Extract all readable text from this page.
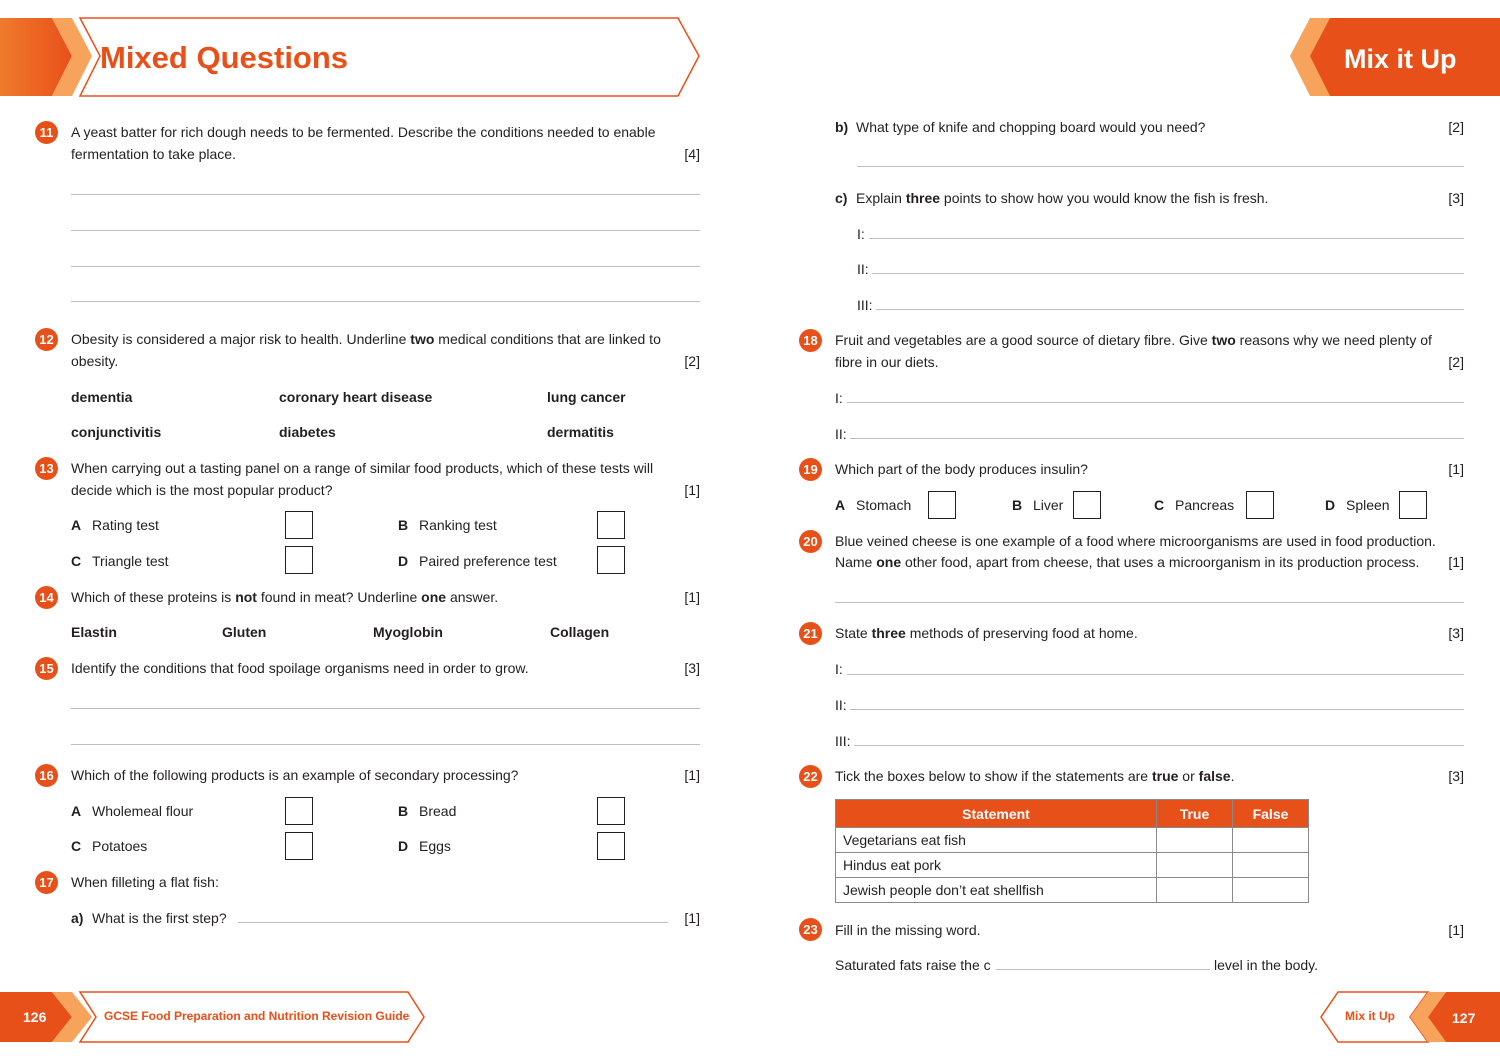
Mixed Questions	Mix it Up
11	A yeast batter for rich dough needs to be fermented. Describe the conditions needed to enable
fermentation to take place.	[4]
12	Obesity is considered a major risk to health. Underline two medical conditions that are linked to
obesity.	[2]
dementia	coronary heart disease	lung cancer
conjunctivitis	diabetes	dermatitis
13	When carrying out a tasting panel on a range of similar food products, which of these tests will
decide which is the most popular product?	[1]
A Rating test	B Ranking test
C Triangle test	D Paired preference test
14	Which of these proteins is not found in meat? Underline one answer.	[1]
Elastin	Gluten	Myoglobin	Collagen
15	Identify the conditions that food spoilage organisms need in order to grow.	[3]
16	Which of the following products is an example of secondary processing?	[1]
A Wholemeal flour	B Bread
C Potatoes	D Eggs
17	When filleting a flat fish:
a) What is the first step?	[1]
b) What type of knife and chopping board would you need?	[2]
c) Explain three points to show how you would know the fish is fresh.	[3]
I:
II:
III:
18	Fruit and vegetables are a good source of dietary fibre. Give two reasons why we need plenty of
fibre in our diets.	[2]
I:
II:
19	Which part of the body produces insulin?	[1]
A Stomach	B Liver	C Pancreas	D Spleen
20	Blue veined cheese is one example of a food where microorganisms are used in food production.
Name one other food, apart from cheese, that uses a microorganism in its production process.	[1]
21	State three methods of preserving food at home.	[3]
I:
II:
III:
22	Tick the boxes below to show if the statements are true or false.	[3]
Statement	True	False
Vegetarians eat fish		
Hindus eat pork		
Jewish people don’t eat shellfish		
23	Fill in the missing word.	[1]
Saturated fats raise the c	level in the body.
126	GCSE Food Preparation and Nutrition Revision Guide	Mix it Up	127
